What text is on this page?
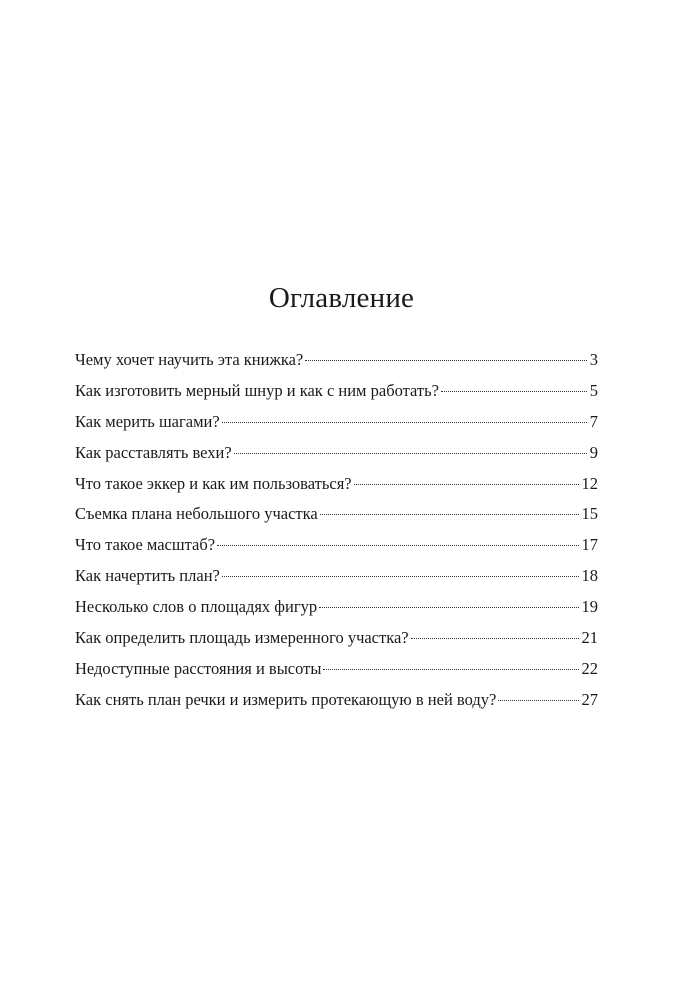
Оглавление
Чему хочет научить эта книжка?	3
Как изготовить мерный шнур и как с ним работать?	5
Как мерить шагами?	7
Как расставлять вехи?	9
Что такое эккер и как им пользоваться?	12
Съемка плана небольшого участка	15
Что такое масштаб?	17
Как начертить план?	18
Несколько слов о площадях фигур	19
Как определить площадь измеренного участка?	21
Недоступные расстояния и высоты	22
Как снять план речки и измерить протекающую в ней воду?	27
